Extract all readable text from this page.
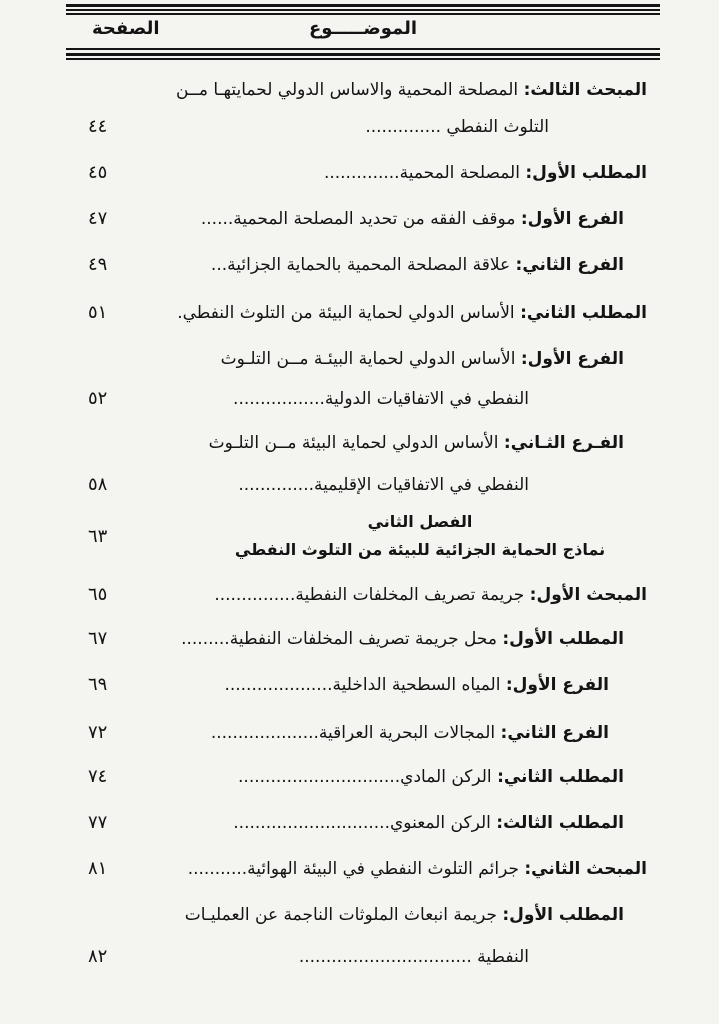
الموضـــــوع
الصفحة
المبحث الثالث: المصلحة المحمية والاساس الدولي لحمايتهـا مــن
التلوث النفطي ..............
٤٤
المطلب الأول: المصلحة المحمية..............
٤٥
الفرع الأول: موقف الفقه من تحديد المصلحة المحمية......
٤٧
الفرع الثاني: علاقة المصلحة المحمية بالحماية الجزائية...
٤٩
المطلب الثاني: الأساس الدولي لحماية البيئة من التلوث النفطي.
٥١
الفرع الأول: الأساس الدولي لحماية البيئـة مــن التلـوث
النفطي في الاتفاقيات الدولية.................
٥٢
الفـرع الثـاني: الأساس الدولي لحماية البيئة مــن التلـوث
النفطي في الاتفاقيات الإقليمية..............
٥٨
الفصل الثاني
نماذج الحماية الجزائية للبيئة من التلوث النفطي
٦٣
المبحث الأول: جريمة تصريف المخلفات النفطية...............
٦٥
المطلب الأول: محل جريمة تصريف المخلفات النفطية.........
٦٧
الفرع الأول: المياه السطحية الداخلية....................
٦٩
الفرع الثاني: المجالات البحرية العراقية....................
٧٢
المطلب الثاني: الركن المادي..............................
٧٤
المطلب الثالث: الركن المعنوي.............................
٧٧
المبحث الثاني: جرائم التلوث النفطي في البيئة الهوائية...........
٨١
المطلب الأول: جريمة انبعاث الملوثات الناجمة عن العمليـات
النفطية ................................
٨٢
